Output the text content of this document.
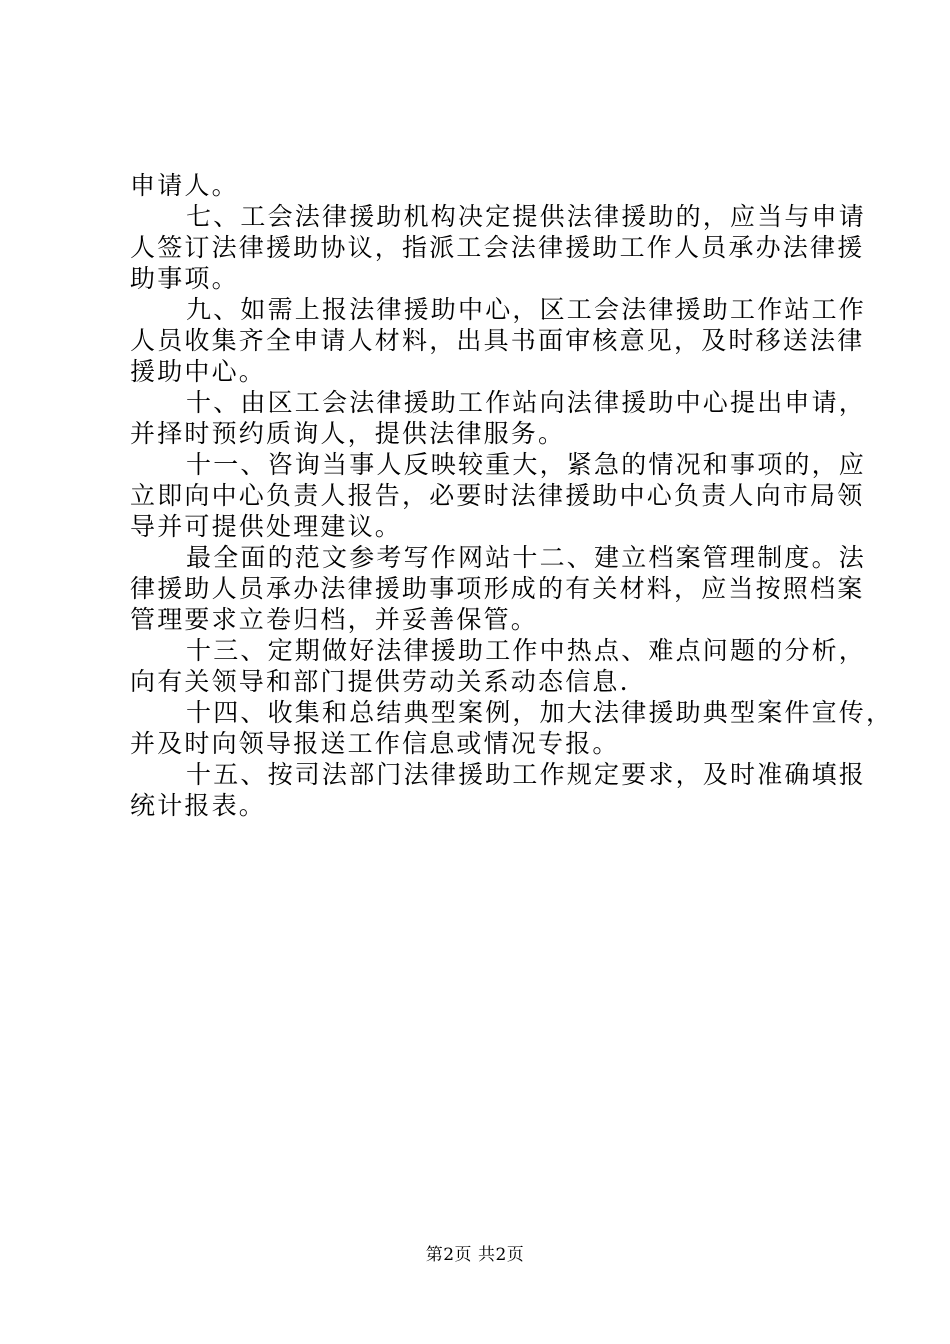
申请人。
七、工会法律援助机构决定提供法律援助的，应当与申请
人签订法律援助协议，指派工会法律援助工作人员承办法律援
助事项。
九、如需上报法律援助中心，区工会法律援助工作站工作
人员收集齐全申请人材料，出具书面审核意见，及时移送法律
援助中心。
十、由区工会法律援助工作站向法律援助中心提出申请，
并择时预约质询人，提供法律服务。
十一、咨询当事人反映较重大，紧急的情况和事项的，应
立即向中心负责人报告，必要时法律援助中心负责人向市局领
导并可提供处理建议。
最全面的范文参考写作网站十二、建立档案管理制度。法
律援助人员承办法律援助事项形成的有关材料，应当按照档案
管理要求立卷归档，并妥善保管。
十三、定期做好法律援助工作中热点、难点问题的分析，
向有关领导和部门提供劳动关系动态信息.
十四、收集和总结典型案例，加大法律援助典型案件宣传，
并及时向领导报送工作信息或情况专报。
十五、按司法部门法律援助工作规定要求，及时准确填报
统计报表。
第2页 共2页
